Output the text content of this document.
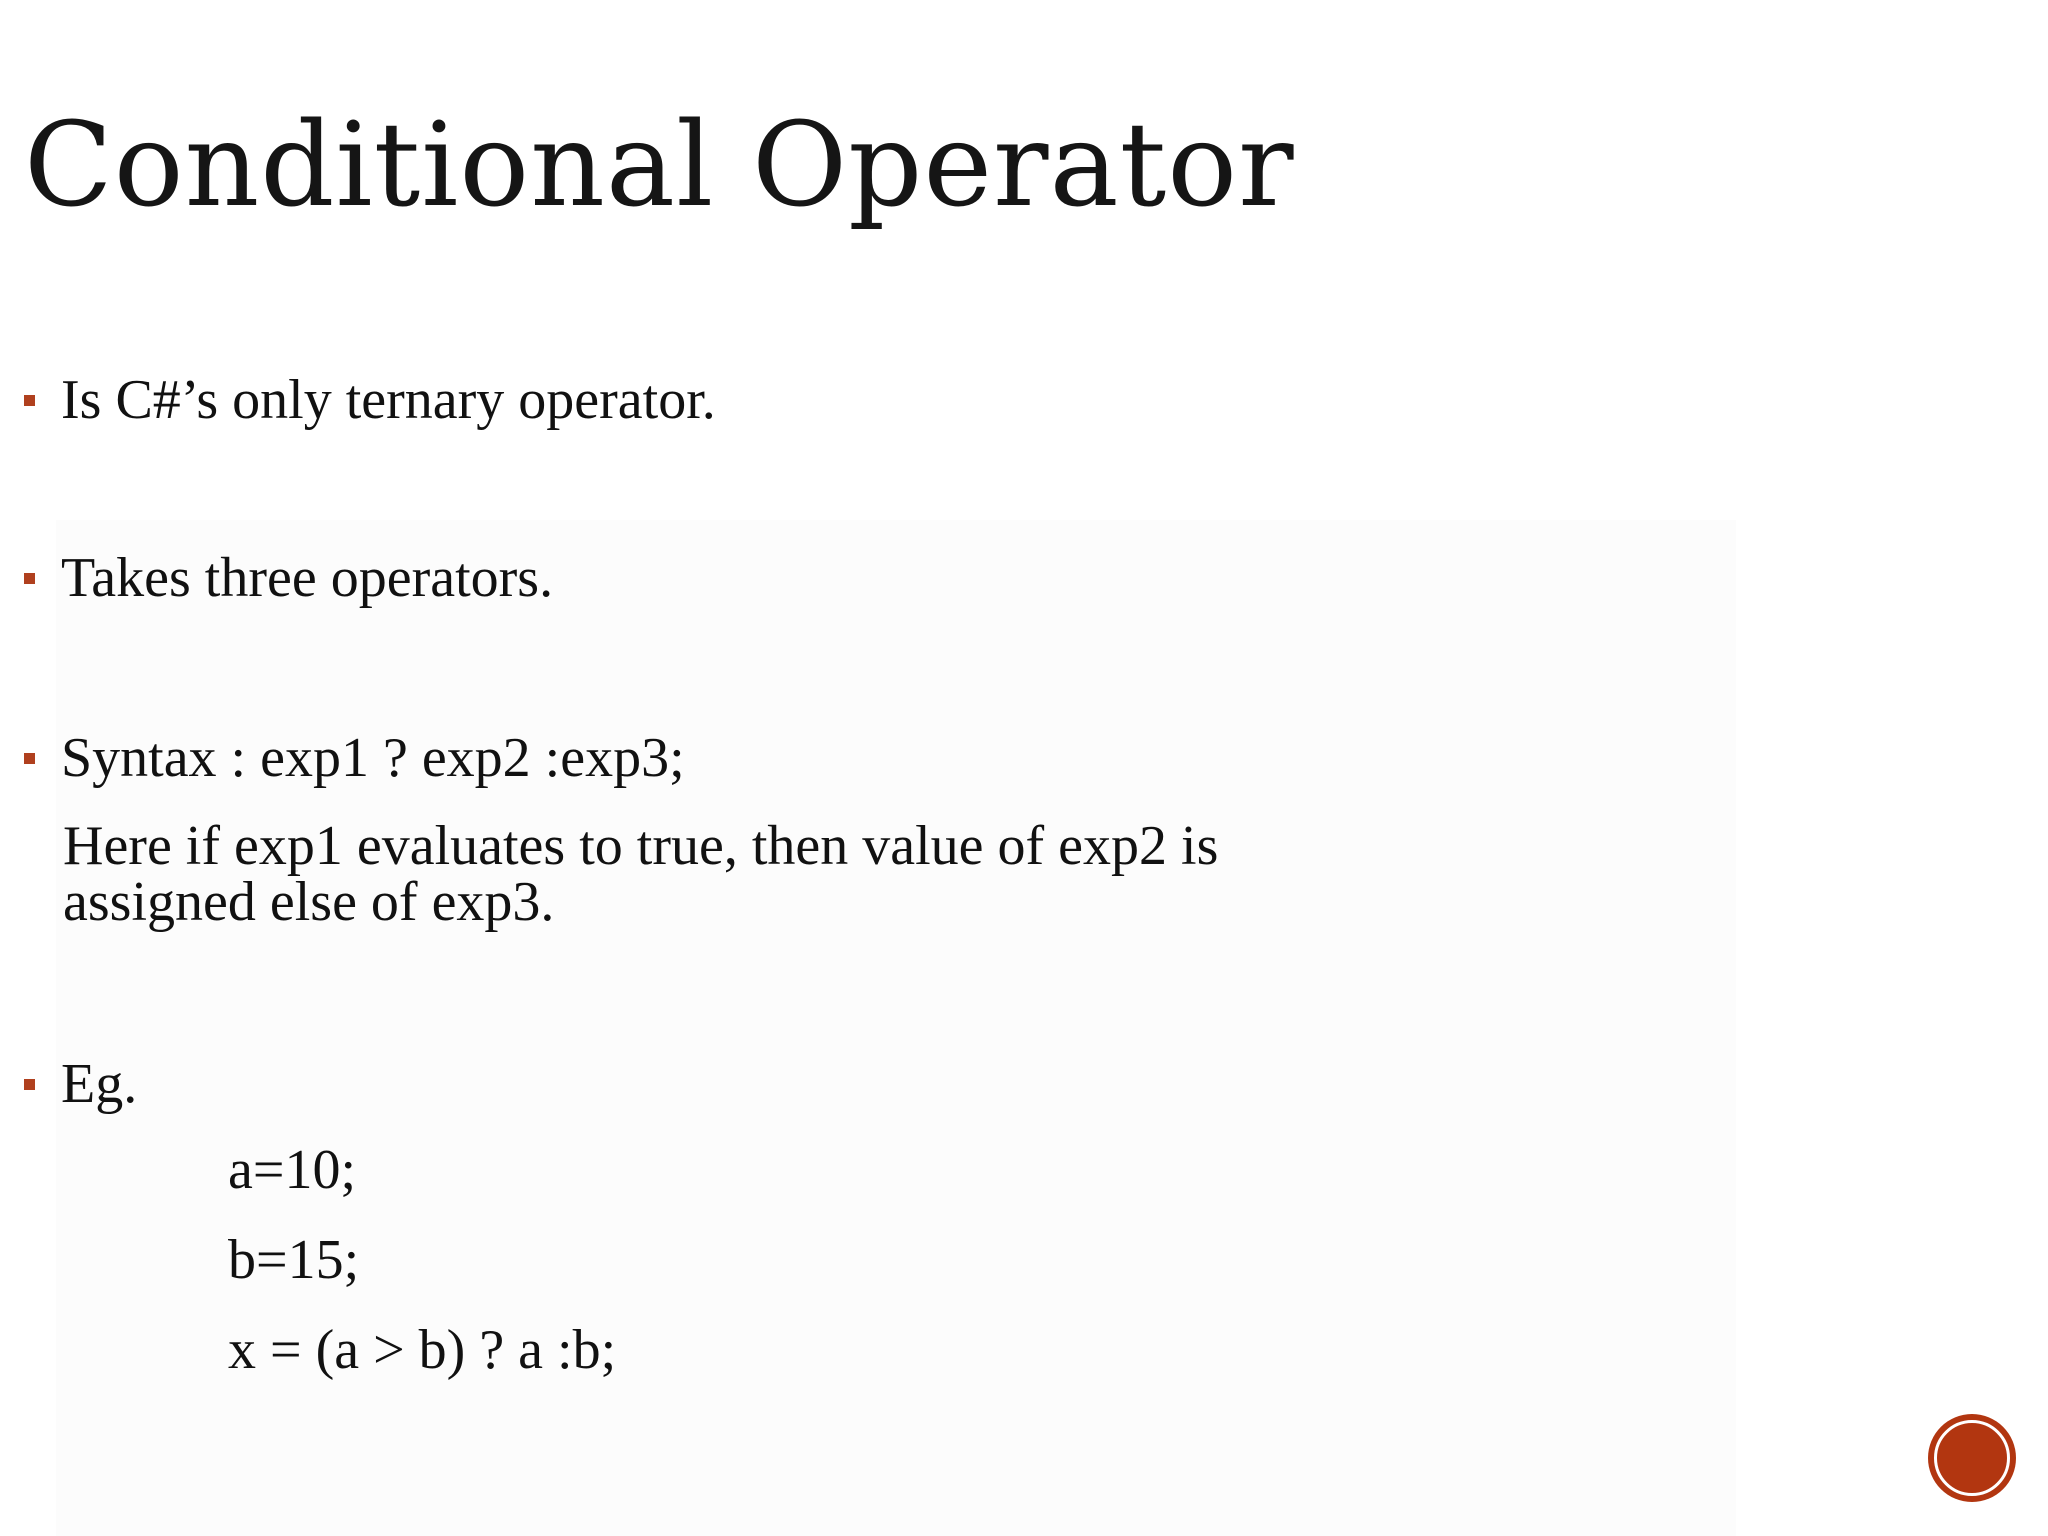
Conditional Operator
Is C#’s only ternary operator.
Takes three operators.
Syntax : exp1 ? exp2 :exp3;
Here if exp1 evaluates to true, then value of exp2 is
assigned else of exp3.
Eg.
a=10;
b=15;
x = (a > b) ? a :b;
